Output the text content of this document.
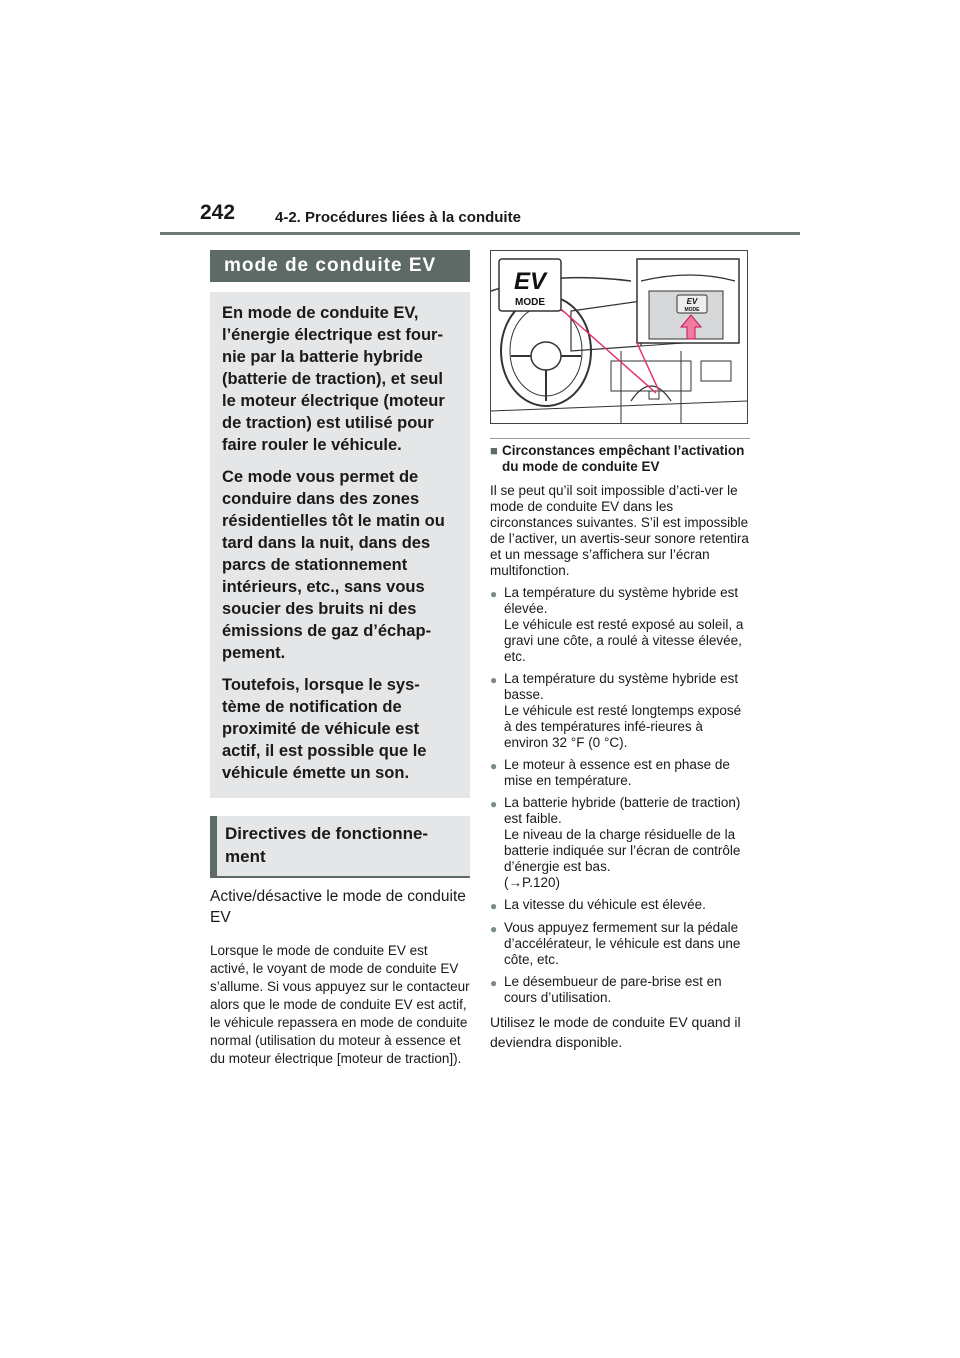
242	4-2. Procédures liées à la conduite
mode de conduite EV

En mode de conduite EV, l’énergie électrique est four-nie par la batterie hybride (batterie de traction), et seul le moteur électrique (moteur de traction) est utilisé pour faire rouler le véhicule.

Ce mode vous permet de conduire dans des zones résidentielles tôt le matin ou tard dans la nuit, dans des parcs de stationnement intérieurs, etc., sans vous soucier des bruits ni des émissions de gaz d’échap-pement.

Toutefois, lorsque le sys-tème de notification de proximité de véhicule est actif, il est possible que le véhicule émette un son.

Directives de fonctionne-ment
Active/désactive le mode de conduite EV
Lorsque le mode de conduite EV est activé, le voyant de mode de conduite EV s’allume. Si vous appuyez sur le contacteur alors que le mode de conduite EV est actif, le véhicule repassera en mode de conduite normal (utilisation du moteur à essence et du moteur électrique [moteur de traction]).
EV
MODE	EV
MODE
■ Circonstances empêchant l’activation du mode de conduite EV
Il se peut qu’il soit impossible d’acti-ver le mode de conduite EV dans les circonstances suivantes. S’il est impossible de l’activer, un avertis-seur sonore retentira et un message s’affichera sur l’écran multifonction.
● La température du système hybride est élevée.
Le véhicule est resté exposé au soleil, a gravi une côte, a roulé à vitesse élevée, etc.
● La température du système hybride est basse.
Le véhicule est resté longtemps exposé à des températures infé-rieures à environ 32 °F (0 °C).
● Le moteur à essence est en phase de mise en température.
● La batterie hybride (batterie de traction) est faible.
Le niveau de la charge résiduelle de la batterie indiquée sur l’écran de contrôle d’énergie est bas.
(→P.120)
● La vitesse du véhicule est élevée.
● Vous appuyez fermement sur la pédale d’accélérateur, le véhicule est dans une côte, etc.
● Le désembueur de pare-brise est en cours d’utilisation.
Utilisez le mode de conduite EV quand il deviendra disponible.
